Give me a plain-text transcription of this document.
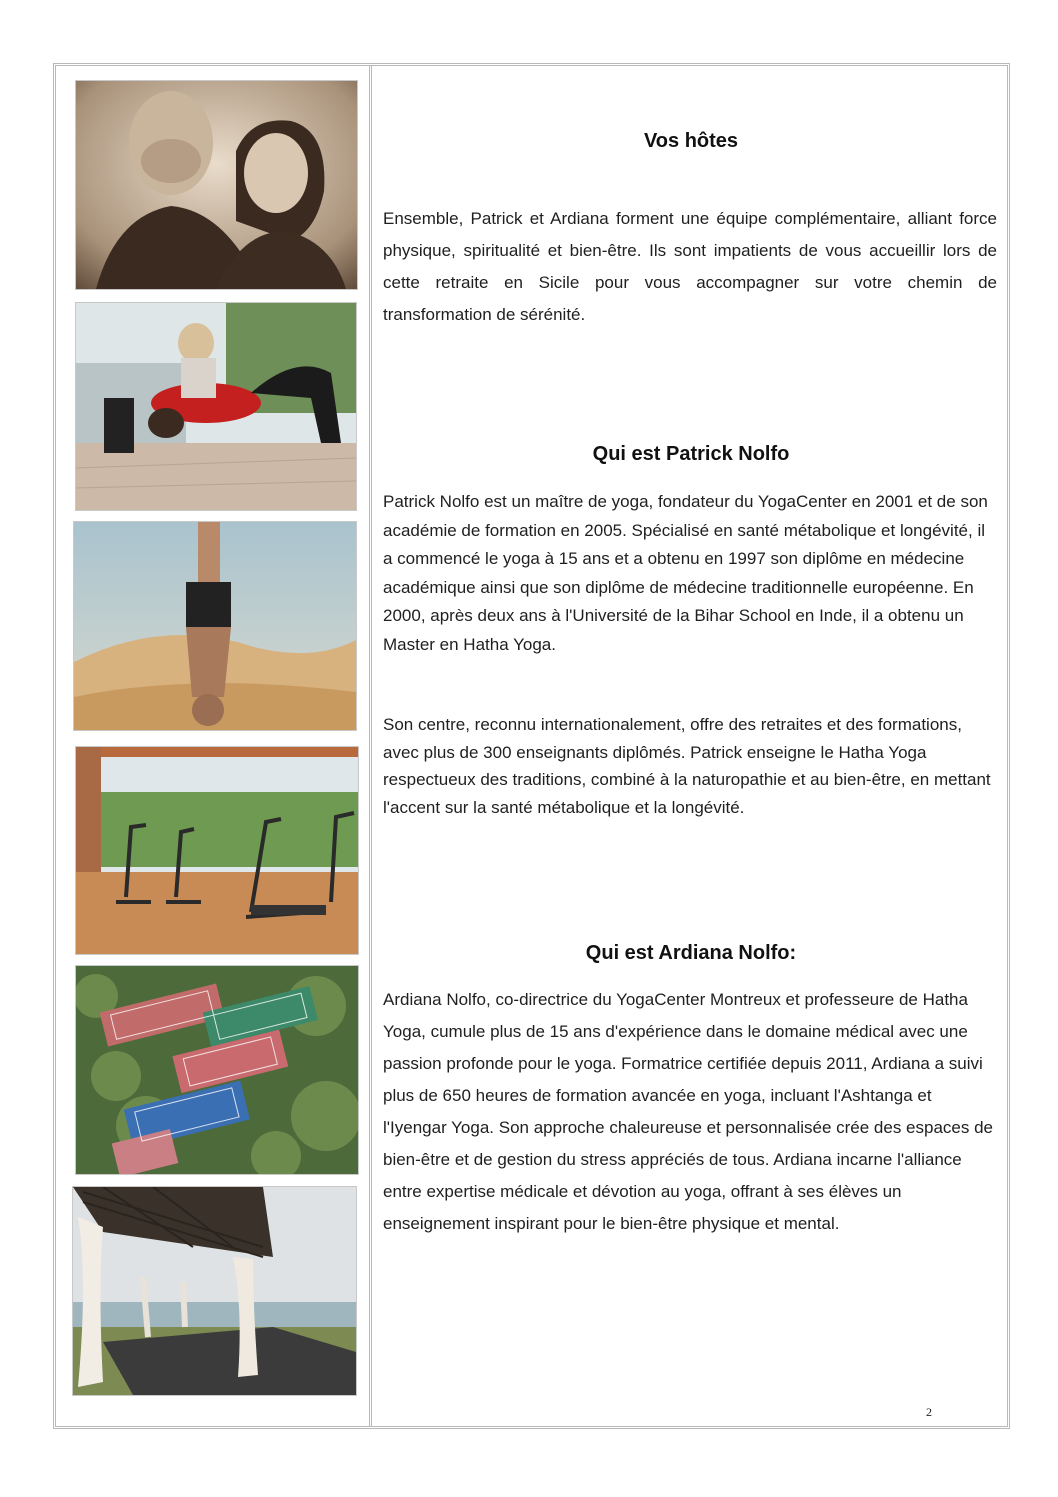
Vos hôtes

Ensemble, Patrick et Ardiana forment une équipe complémentaire, alliant force physique, spiritualité et bien-être. Ils sont impatients de vous accueillir lors de cette retraite en Sicile pour vous accompagner sur votre chemin de transformation de sérénité.

Qui est Patrick Nolfo

Patrick Nolfo est un maître de yoga, fondateur du YogaCenter en 2001 et de son académie de formation en 2005. Spécialisé en santé métabolique et longévité, il a commencé le yoga à 15 ans et a obtenu en 1997 son diplôme en médecine académique ainsi que son diplôme de médecine traditionnelle européenne. En 2000, après deux ans à l'Université de la Bihar School en Inde, il a obtenu un Master en Hatha Yoga.

Son centre, reconnu internationalement, offre des retraites et des formations, avec plus de 300 enseignants diplômés. Patrick enseigne le Hatha Yoga respectueux des traditions, combiné à la naturopathie et au bien-être, en mettant l'accent sur la santé métabolique et la longévité.

Qui est Ardiana Nolfo:

Ardiana Nolfo, co-directrice du YogaCenter Montreux et professeure de Hatha Yoga, cumule plus de 15 ans d'expérience dans le domaine médical avec une passion profonde pour le yoga. Formatrice certifiée depuis 2011, Ardiana a suivi plus de 650 heures de formation avancée en yoga, incluant l'Ashtanga et l'Iyengar Yoga. Son approche chaleureuse et personnalisée crée des espaces de bien-être et de gestion du stress appréciés de tous. Ardiana incarne l'alliance entre expertise médicale et dévotion au yoga, offrant à ses élèves un enseignement inspirant pour le bien-être physique et mental.

2
